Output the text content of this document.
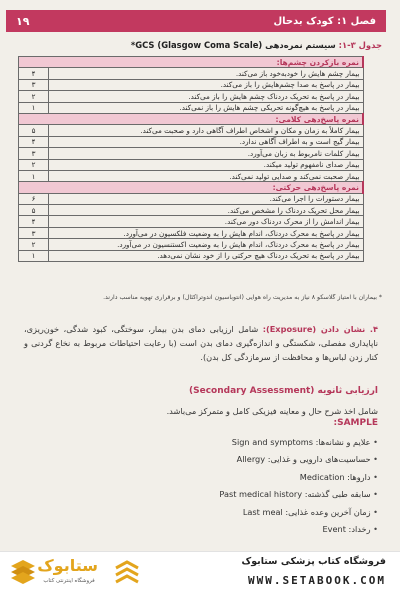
فصل ۱: کودک بدحال
۱۹
جدول ۳-۱: سیستم نمره‌دهی GCS (Glasgow Coma Scale)*
نمره بازکردن چشم‌ها:	
بیمار چشم هایش را خودبه‌خود باز می‌کند.	۴
بیمار در پاسخ به صدا چشم‌هایش را باز می‌کند.	۳
بیمار در پاسخ به تحریک دردناک چشم هایش را باز می‌کند.	۲
بیمار در پاسخ به هیچ‌گونه تحریکی چشم هایش را باز نمی‌کند.	۱
نمره پاسخ‌دهی کلامی:	
بیمار کاملاً به زمان و مکان و اشخاص اطراف آگاهی دارد و صحبت می‌کند.	۵
بیمار گیج است و به اطراف آگاهی ندارد.	۴
بیمار کلمات نامربوط به زبان می‌آورد.	۳
بیمار صدای نامفهوم تولید میکند.	۲
بیمار صحبت نمی‌کند و صدایی تولید نمی‌کند.	۱
نمره پاسخ‌دهی حرکتی:	
بیمار دستورات را اجرا می‌کند.	۶
بیمار محل تحریک دردناک را مشخص می‌کند.	۵
بیمار اندامش را از محرک دردناک دور می‌کند.	۴
بیمار در پاسخ به محرک دردناک، اندام هایش را به وضعیت فلکسیون در می‌آورد.	۳
بیمار در پاسخ به محرک دردناک، اندام هایش را به وضعیت اکستنسیون در می‌آورد.	۲
بیمار در پاسخ به تحریک دردناک هیچ حرکتی را از خود نشان نمی‌دهد.	۱
* بیماران با امتیاز گلاسکو ۸ نیاز به مدیریت راه هوایی (انتوباسیون اندوتراکئال) و برقراری تهویه مناسب دارند.

۴. نشان دادن (Exposure): شامل ارزیابی دمای بدن بیمار، سوختگی، کبود شدگی، خون‌ریزی، ناپایداری مفصلی، شکستگی و اندازه‌گیری دمای بدن است (با رعایت احتیاطات مربوط به نخاع گردنی و کنار زدن لباس‌ها و محافظت از سرما‌زدگی کل بدن).

ارزیابی ثانویه (Secondary Assessment)

شامل اخذ شرح حال و معاینه فیزیکی کامل و متمرکز می‌باشد.

SAMPLE:
• علایم و نشانه‌ها: Sign and symptoms
• حساسیت‌های دارویی و غذایی: Allergy
• داروها: Medication
• سابقه طبی گذشته: Past medical history
• زمان آخرین وعده غذایی: Last meal
• رخداد: Event
ستابوک
فروشگاه اینترنتی کتاب
فروشگاه کتاب پزشکی ستابوک
WWW.SETABOOK.COM
